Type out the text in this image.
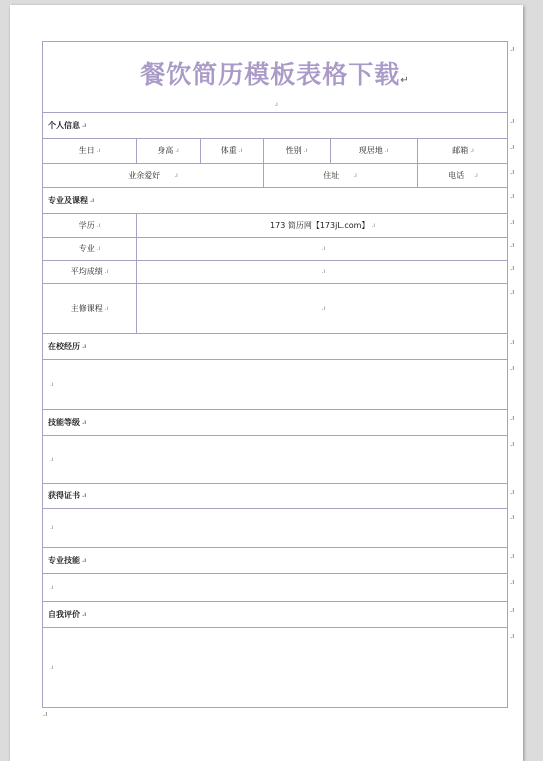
餐饮简历模板表格下载 ↵
.ı
个人信息 .ı
生日 .ı	身高 .ı	体重 .ı	性别 .ı	现居地 .ı	邮箱 .ı
业余爱好 .ı	住址 .ı	电话 .ı
专业及课程 .ı
学历 .ı	173 简历网【173jL.com】 .ı
专业 .ı	.ı
平均成绩 .ı	.ı
主修课程 .ı	.ı
在校经历 .ı
.ı
技能等级 .ı
.ı
获得证书 .ı
.ı
专业技能 .ı
.ı
自我评价 .ı
.ı
.ı
.ı
.ı
.ı
.ı
.ı
.ı
.ı
.ı
.ı
.ı
.ı
.ı
.ı
.ı
.ı
.ı
.ı
.ı
.ı
